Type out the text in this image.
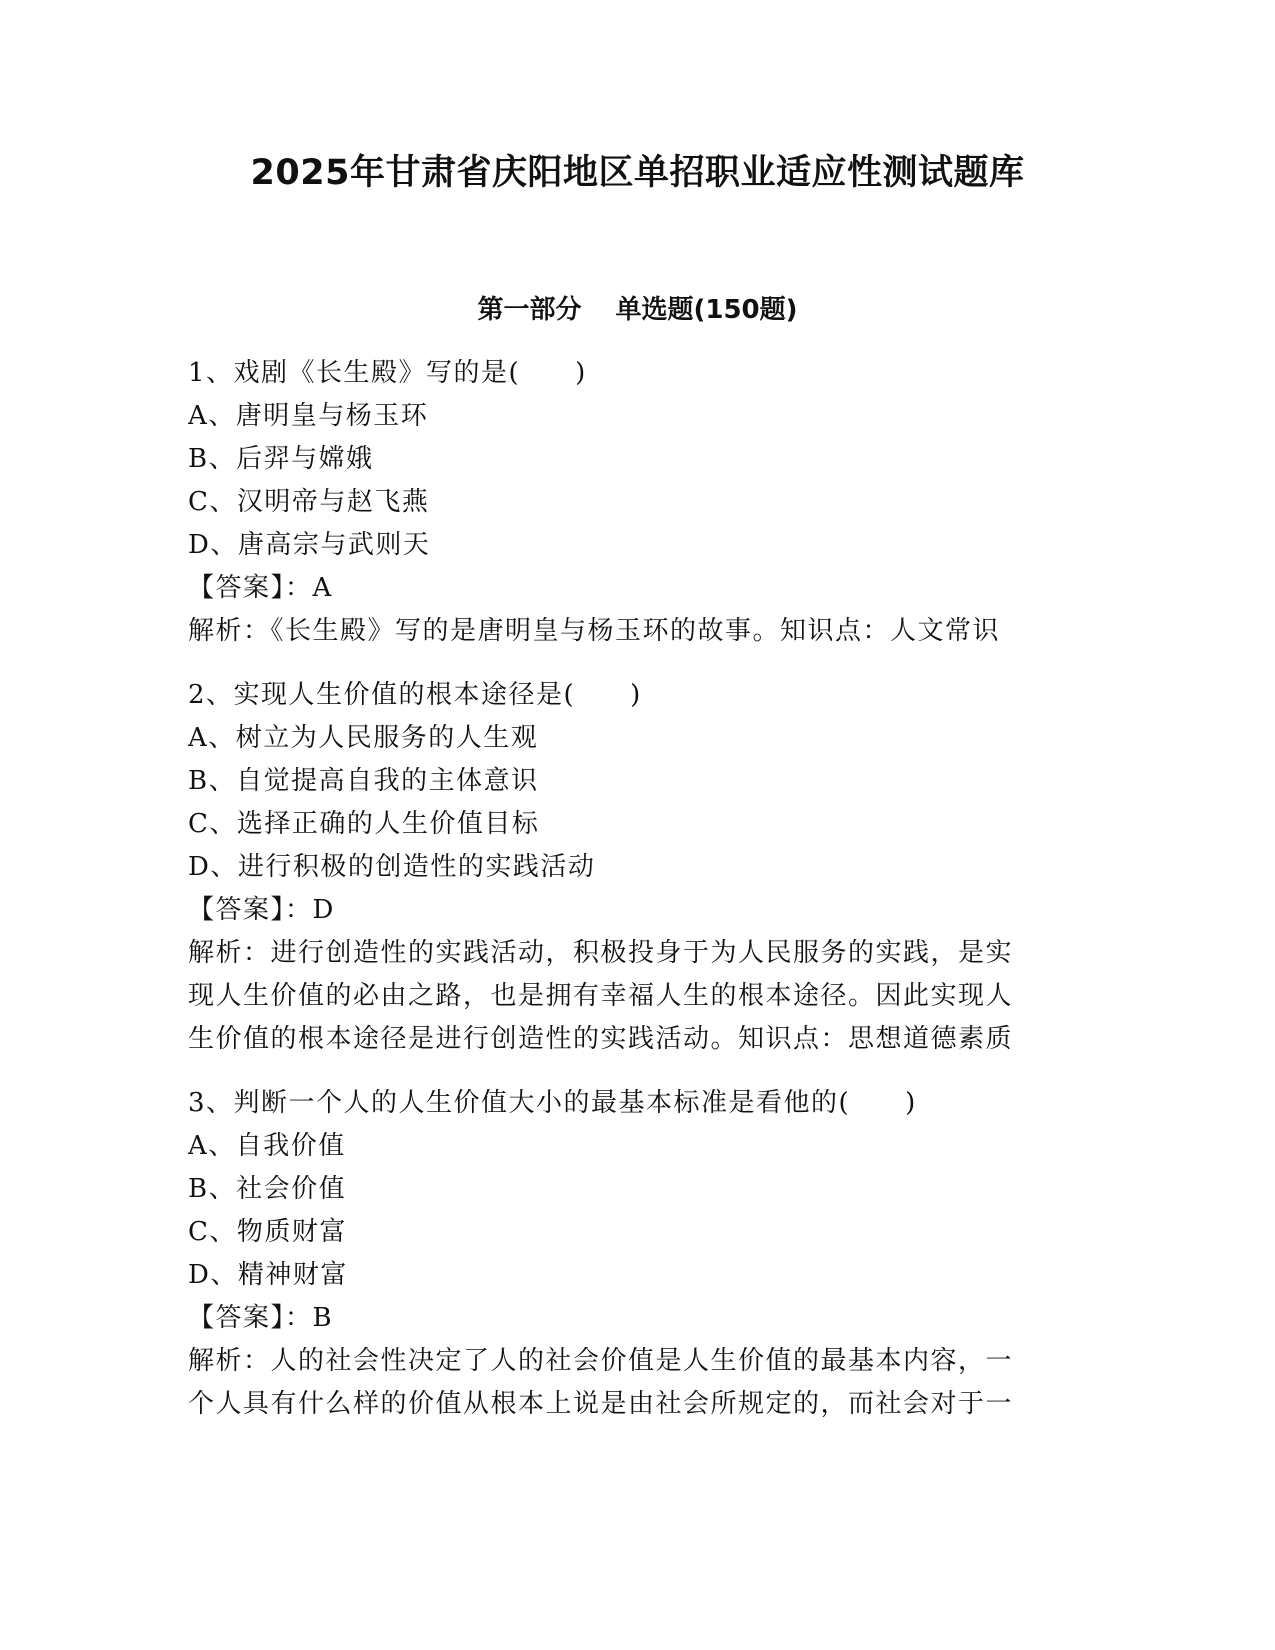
2025年甘肃省庆阳地区单招职业适应性测试题库
第一部分 单选题(150题)
1、戏剧《长生殿》写的是(　　)
A、唐明皇与杨玉环
B、后羿与嫦娥
C、汉明帝与赵飞燕
D、唐高宗与武则天
【答案】：A
解析：《长生殿》写的是唐明皇与杨玉环的故事。知识点：人文常识
2、实现人生价值的根本途径是(　　)
A、树立为人民服务的人生观
B、自觉提高自我的主体意识
C、选择正确的人生价值目标
D、进行积极的创造性的实践活动
【答案】：D
解析：进行创造性的实践活动，积极投身于为人民服务的实践，是实
现人生价值的必由之路，也是拥有幸福人生的根本途径。因此实现人
生价值的根本途径是进行创造性的实践活动。知识点：思想道德素质
3、判断一个人的人生价值大小的最基本标准是看他的(　　)
A、自我价值
B、社会价值
C、物质财富
D、精神财富
【答案】：B
解析：人的社会性决定了人的社会价值是人生价值的最基本内容，一
个人具有什么样的价值从根本上说是由社会所规定的，而社会对于一
